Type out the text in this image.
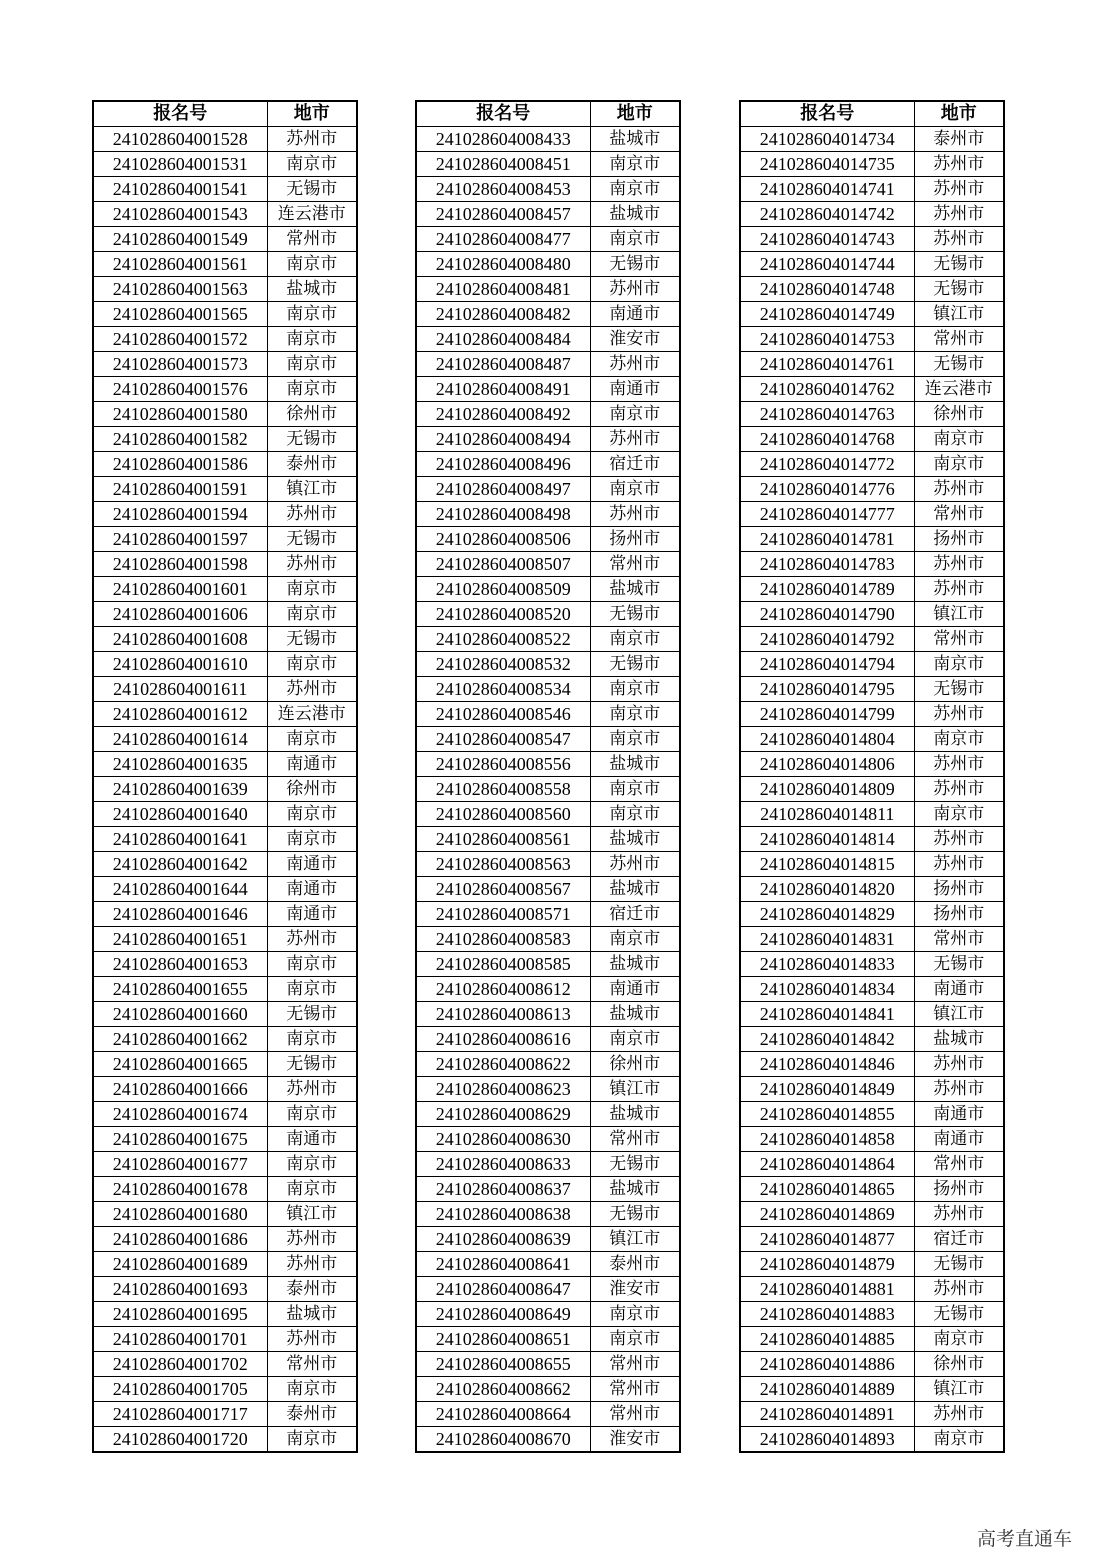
报名号	地市
241028604001528	苏州市
241028604001531	南京市
241028604001541	无锡市
241028604001543	连云港市
241028604001549	常州市
241028604001561	南京市
241028604001563	盐城市
241028604001565	南京市
241028604001572	南京市
241028604001573	南京市
241028604001576	南京市
241028604001580	徐州市
241028604001582	无锡市
241028604001586	泰州市
241028604001591	镇江市
241028604001594	苏州市
241028604001597	无锡市
241028604001598	苏州市
241028604001601	南京市
241028604001606	南京市
241028604001608	无锡市
241028604001610	南京市
241028604001611	苏州市
241028604001612	连云港市
241028604001614	南京市
241028604001635	南通市
241028604001639	徐州市
241028604001640	南京市
241028604001641	南京市
241028604001642	南通市
241028604001644	南通市
241028604001646	南通市
241028604001651	苏州市
241028604001653	南京市
241028604001655	南京市
241028604001660	无锡市
241028604001662	南京市
241028604001665	无锡市
241028604001666	苏州市
241028604001674	南京市
241028604001675	南通市
241028604001677	南京市
241028604001678	南京市
241028604001680	镇江市
241028604001686	苏州市
241028604001689	苏州市
241028604001693	泰州市
241028604001695	盐城市
241028604001701	苏州市
241028604001702	常州市
241028604001705	南京市
241028604001717	泰州市
241028604001720	南京市
报名号	地市
241028604008433	盐城市
241028604008451	南京市
241028604008453	南京市
241028604008457	盐城市
241028604008477	南京市
241028604008480	无锡市
241028604008481	苏州市
241028604008482	南通市
241028604008484	淮安市
241028604008487	苏州市
241028604008491	南通市
241028604008492	南京市
241028604008494	苏州市
241028604008496	宿迁市
241028604008497	南京市
241028604008498	苏州市
241028604008506	扬州市
241028604008507	常州市
241028604008509	盐城市
241028604008520	无锡市
241028604008522	南京市
241028604008532	无锡市
241028604008534	南京市
241028604008546	南京市
241028604008547	南京市
241028604008556	盐城市
241028604008558	南京市
241028604008560	南京市
241028604008561	盐城市
241028604008563	苏州市
241028604008567	盐城市
241028604008571	宿迁市
241028604008583	南京市
241028604008585	盐城市
241028604008612	南通市
241028604008613	盐城市
241028604008616	南京市
241028604008622	徐州市
241028604008623	镇江市
241028604008629	盐城市
241028604008630	常州市
241028604008633	无锡市
241028604008637	盐城市
241028604008638	无锡市
241028604008639	镇江市
241028604008641	泰州市
241028604008647	淮安市
241028604008649	南京市
241028604008651	南京市
241028604008655	常州市
241028604008662	常州市
241028604008664	常州市
241028604008670	淮安市
报名号	地市
241028604014734	泰州市
241028604014735	苏州市
241028604014741	苏州市
241028604014742	苏州市
241028604014743	苏州市
241028604014744	无锡市
241028604014748	无锡市
241028604014749	镇江市
241028604014753	常州市
241028604014761	无锡市
241028604014762	连云港市
241028604014763	徐州市
241028604014768	南京市
241028604014772	南京市
241028604014776	苏州市
241028604014777	常州市
241028604014781	扬州市
241028604014783	苏州市
241028604014789	苏州市
241028604014790	镇江市
241028604014792	常州市
241028604014794	南京市
241028604014795	无锡市
241028604014799	苏州市
241028604014804	南京市
241028604014806	苏州市
241028604014809	苏州市
241028604014811	南京市
241028604014814	苏州市
241028604014815	苏州市
241028604014820	扬州市
241028604014829	扬州市
241028604014831	常州市
241028604014833	无锡市
241028604014834	南通市
241028604014841	镇江市
241028604014842	盐城市
241028604014846	苏州市
241028604014849	苏州市
241028604014855	南通市
241028604014858	南通市
241028604014864	常州市
241028604014865	扬州市
241028604014869	苏州市
241028604014877	宿迁市
241028604014879	无锡市
241028604014881	苏州市
241028604014883	无锡市
241028604014885	南京市
241028604014886	徐州市
241028604014889	镇江市
241028604014891	苏州市
241028604014893	南京市
高考直通车
